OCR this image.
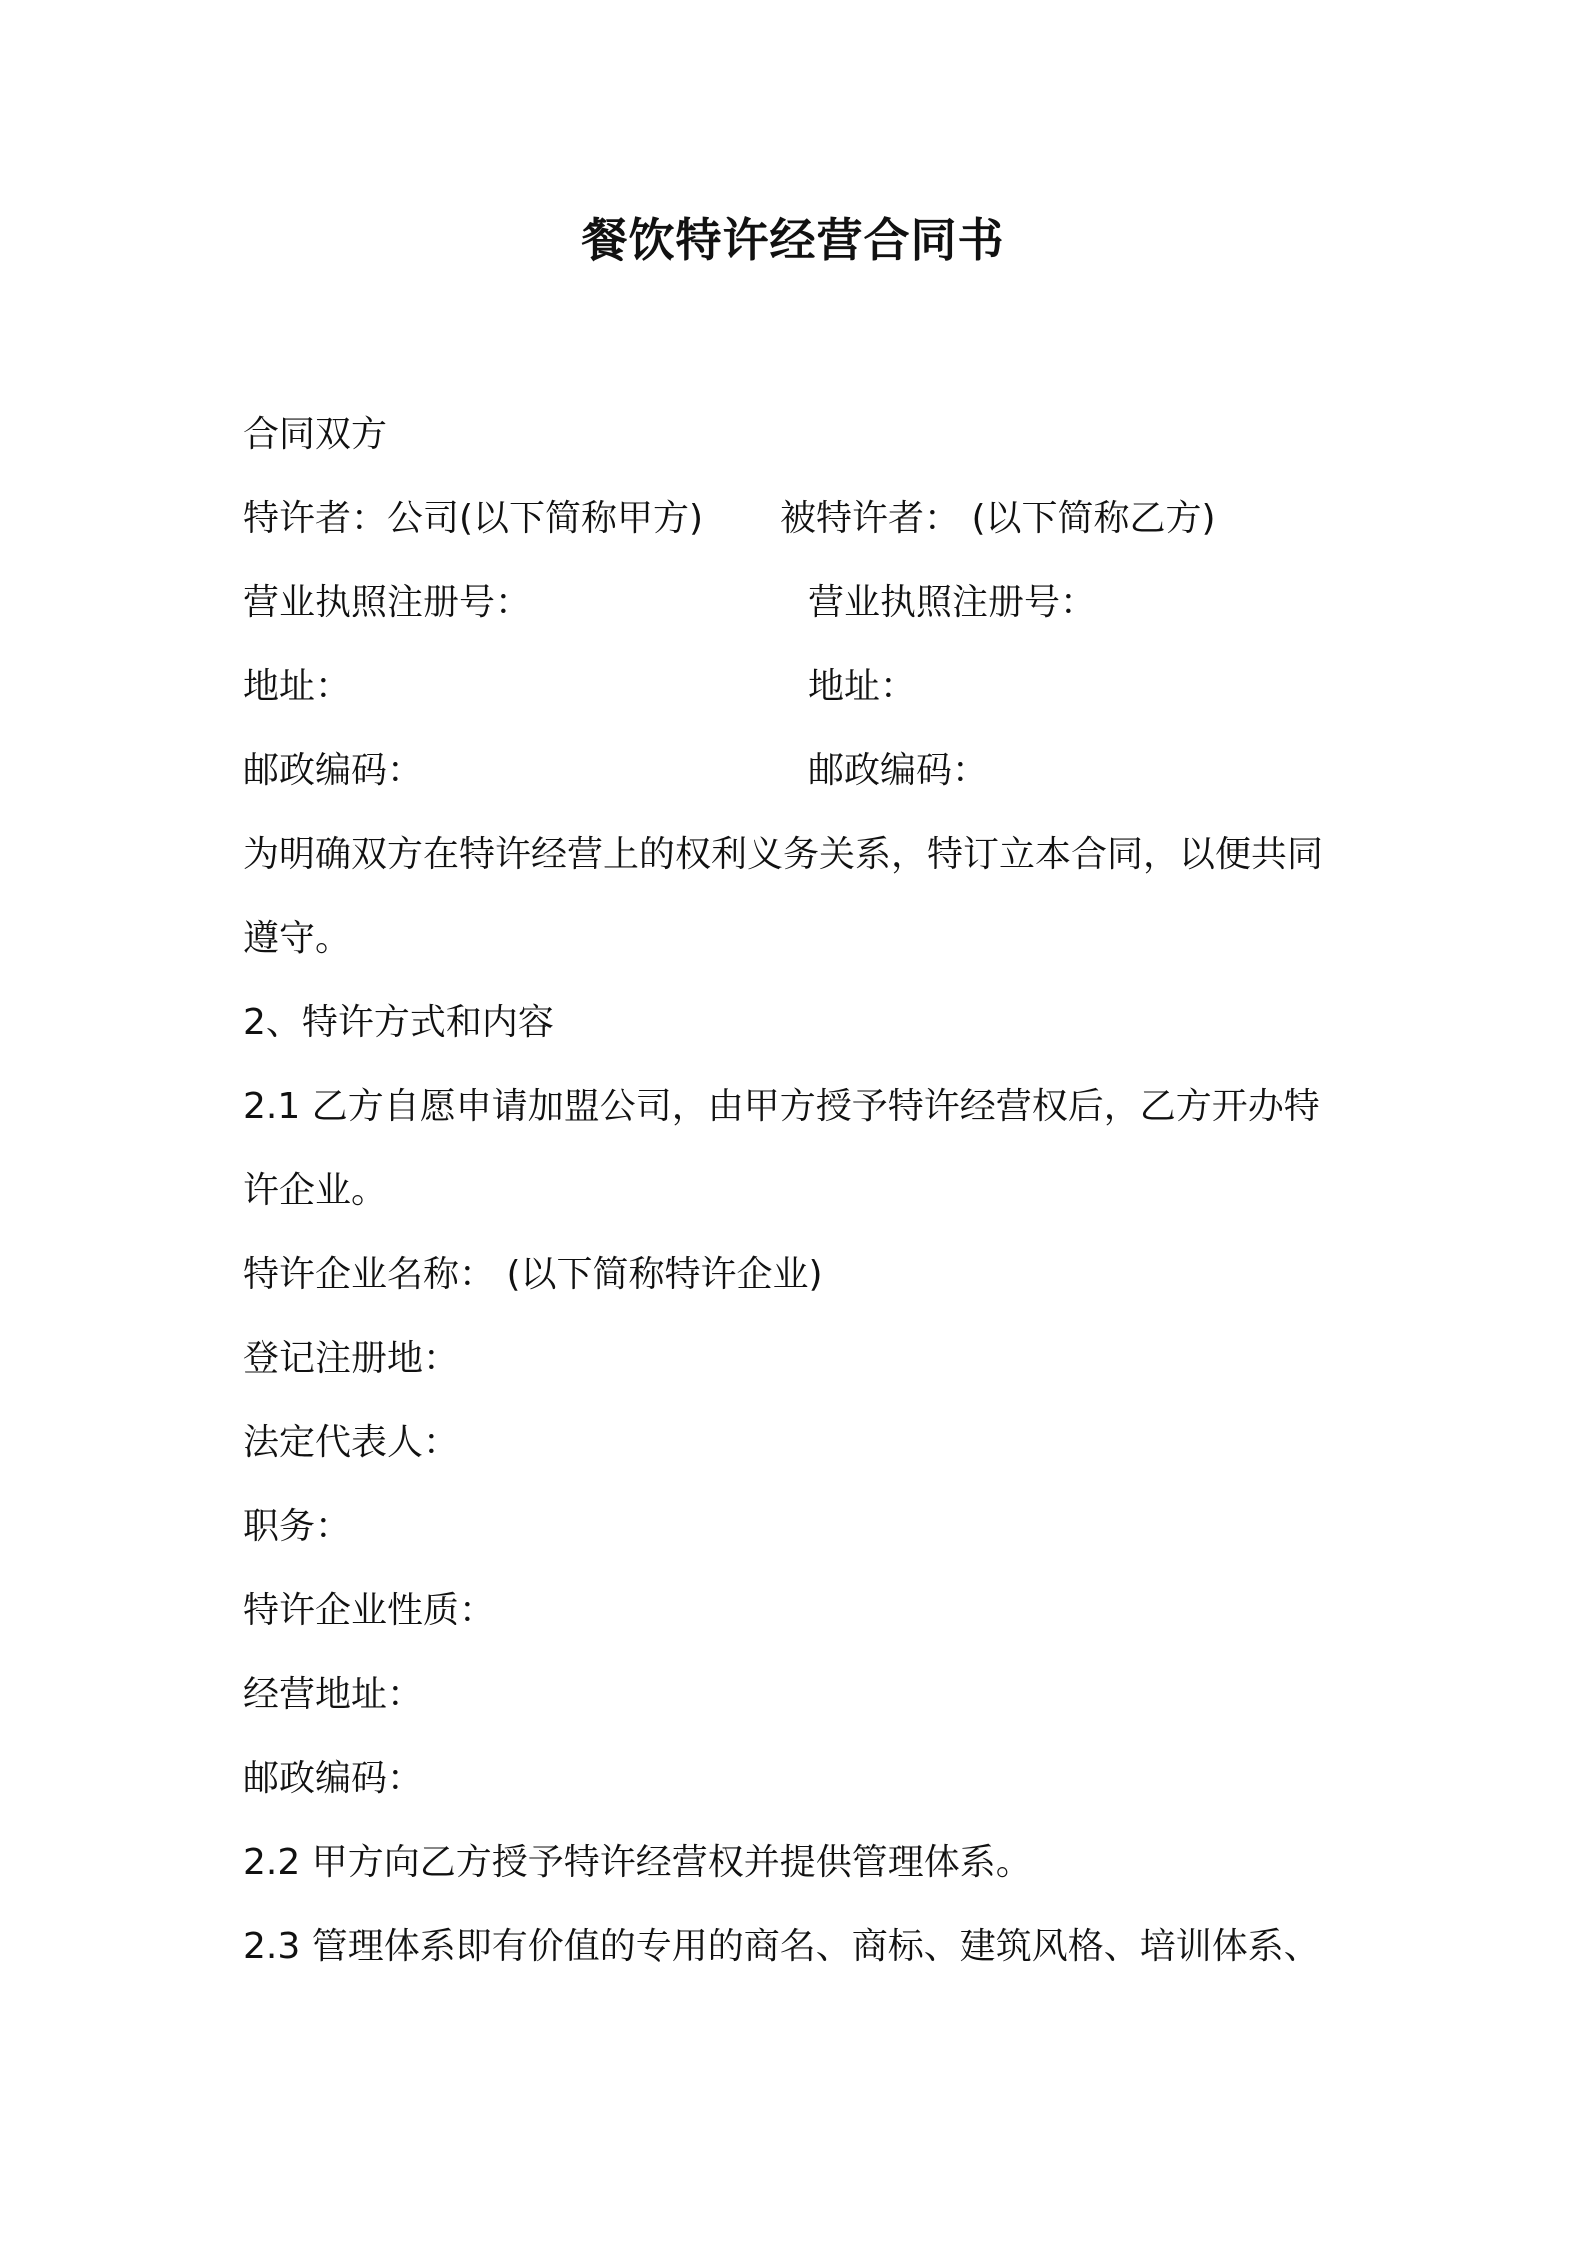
餐饮特许经营合同书
合同双方
特许者：公司(以下简称甲方) 被特许者： (以下简称乙方)
营业执照注册号：	营业执照注册号：
地址：	地址：
邮政编码：	邮政编码：
为明确双方在特许经营上的权利义务关系，特订立本合同，以便共同
遵守。
2、特许方式和内容
2.1 乙方自愿申请加盟公司，由甲方授予特许经营权后，乙方开办特
许企业。
特许企业名称： (以下简称特许企业)
登记注册地：
法定代表人：
职务：
特许企业性质：
经营地址：
邮政编码：
2.2 甲方向乙方授予特许经营权并提供管理体系。
2.3 管理体系即有价值的专用的商名、商标、建筑风格、培训体系、
